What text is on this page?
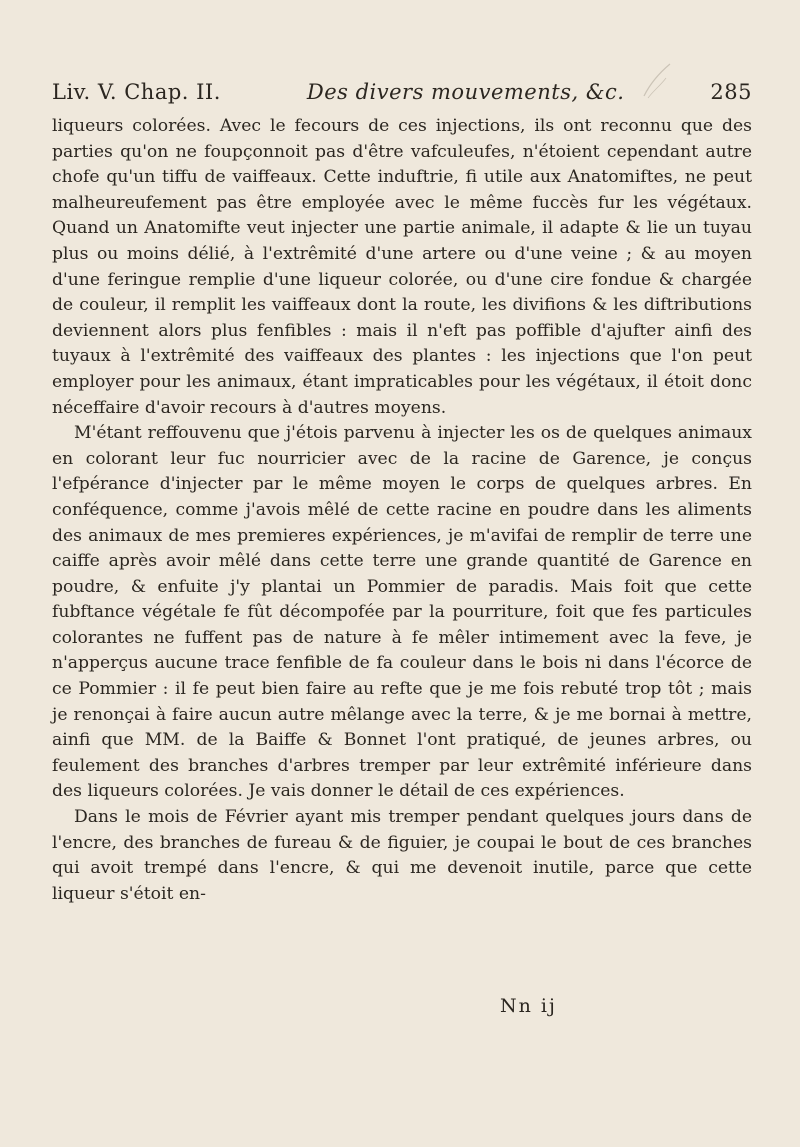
Liv. V. Chap. II.	Des divers mouvements, &c.	285

liqueurs colorées. Avec le fecours de ces injections, ils ont reconnu que des parties qu'on ne foupçonnoit pas d'être vafculeufes, n'étoient cependant autre chofe qu'un tiffu de vaiffeaux. Cette induftrie, fi utile aux Anatomiftes, ne peut malheureufement pas être employée avec le même fuccès fur les végétaux. Quand un Anatomifte veut injecter une partie animale, il adapte & lie un tuyau plus ou moins délié, à l'extrêmité d'une artere ou d'une veine ; & au moyen d'une feringue remplie d'une liqueur colorée, ou d'une cire fondue & chargée de couleur, il remplit les vaiffeaux dont la route, les divifions & les diftributions deviennent alors plus fenfibles : mais il n'eft pas poffible d'ajufter ainfi des tuyaux à l'extrêmité des vaiffeaux des plantes : les injections que l'on peut employer pour les animaux, étant impraticables pour les végétaux, il étoit donc néceffaire d'avoir recours à d'autres moyens.

M'étant reffouvenu que j'étois parvenu à injecter les os de quelques animaux en colorant leur fuc nourricier avec de la racine de Garence, je conçus l'efpérance d'injecter par le même moyen le corps de quelques arbres. En conféquence, comme j'avois mêlé de cette racine en poudre dans les aliments des animaux de mes premieres expériences, je m'avifai de remplir de terre une caiffe après avoir mêlé dans cette terre une grande quantité de Garence en poudre, & enfuite j'y plantai un Pommier de paradis. Mais foit que cette fubftance végétale fe fût décompofée par la pourriture, foit que fes particules colorantes ne fuffent pas de nature à fe mêler intimement avec la feve, je n'apperçus aucune trace fenfible de fa couleur dans le bois ni dans l'écorce de ce Pommier : il fe peut bien faire au refte que je me fois rebuté trop tôt ; mais je renonçai à faire aucun autre mêlange avec la terre, & je me bornai à mettre, ainfi que MM. de la Baiffe & Bonnet l'ont pratiqué, de jeunes arbres, ou feulement des branches d'arbres tremper par leur extrêmité inférieure dans des liqueurs colorées. Je vais donner le détail de ces expériences.

Dans le mois de Février ayant mis tremper pendant quelques jours dans de l'encre, des branches de fureau & de figuier, je coupai le bout de ces branches qui avoit trempé dans l'encre, & qui me devenoit inutile, parce que cette liqueur s'étoit en-

Nn ij
